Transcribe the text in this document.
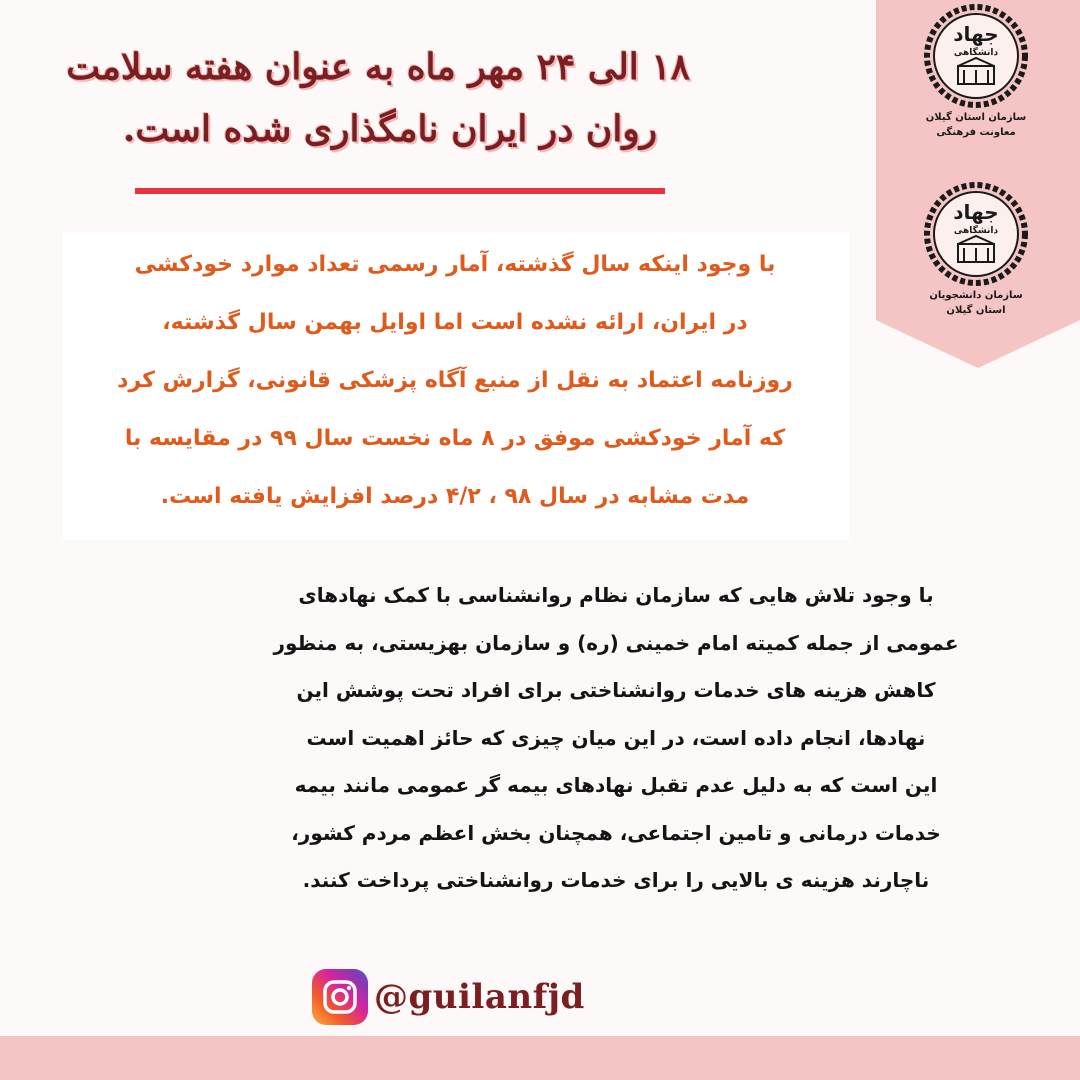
جهاد
دانشگاهی
سازمان استان گیلان
معاونت فرهنگی
جهاد
دانشگاهی
سازمان دانشجویان
استان گیلان
۱۸ الی ۲۴ مهر ماه به عنوان هفته سلامت
روان در ایران نامگذاری شده است.
با وجود اینکه سال گذشته، آمار رسمی تعداد موارد خودکشی
در ایران، ارائه نشده است اما اوایل بهمن سال گذشته،
روزنامه اعتماد به نقل از منبع آگاه پزشکی قانونی، گزارش کرد
که آمار خودکشی موفق در ۸ ماه نخست سال ۹۹ در مقایسه با
مدت مشابه در سال ۹۸ ، ۴/۲ درصد افزایش یافته است.
با وجود تلاش هایی که سازمان نظام روانشناسی با کمک نهادهای
عمومی از جمله کمیته امام خمینی (ره) و سازمان بهزیستی، به منظور
کاهش هزینه های خدمات روانشناختی برای افراد تحت پوشش این
نهادها، انجام داده است، در این میان چیزی که حائز اهمیت است
این است که به دلیل عدم تقبل نهادهای بیمه گر عمومی مانند بیمه
خدمات درمانی و تامین اجتماعی، همچنان بخش اعظم مردم کشور،
ناچارند هزینه ی بالایی را برای خدمات روانشناختی پرداخت کنند.
@guilanfjd
